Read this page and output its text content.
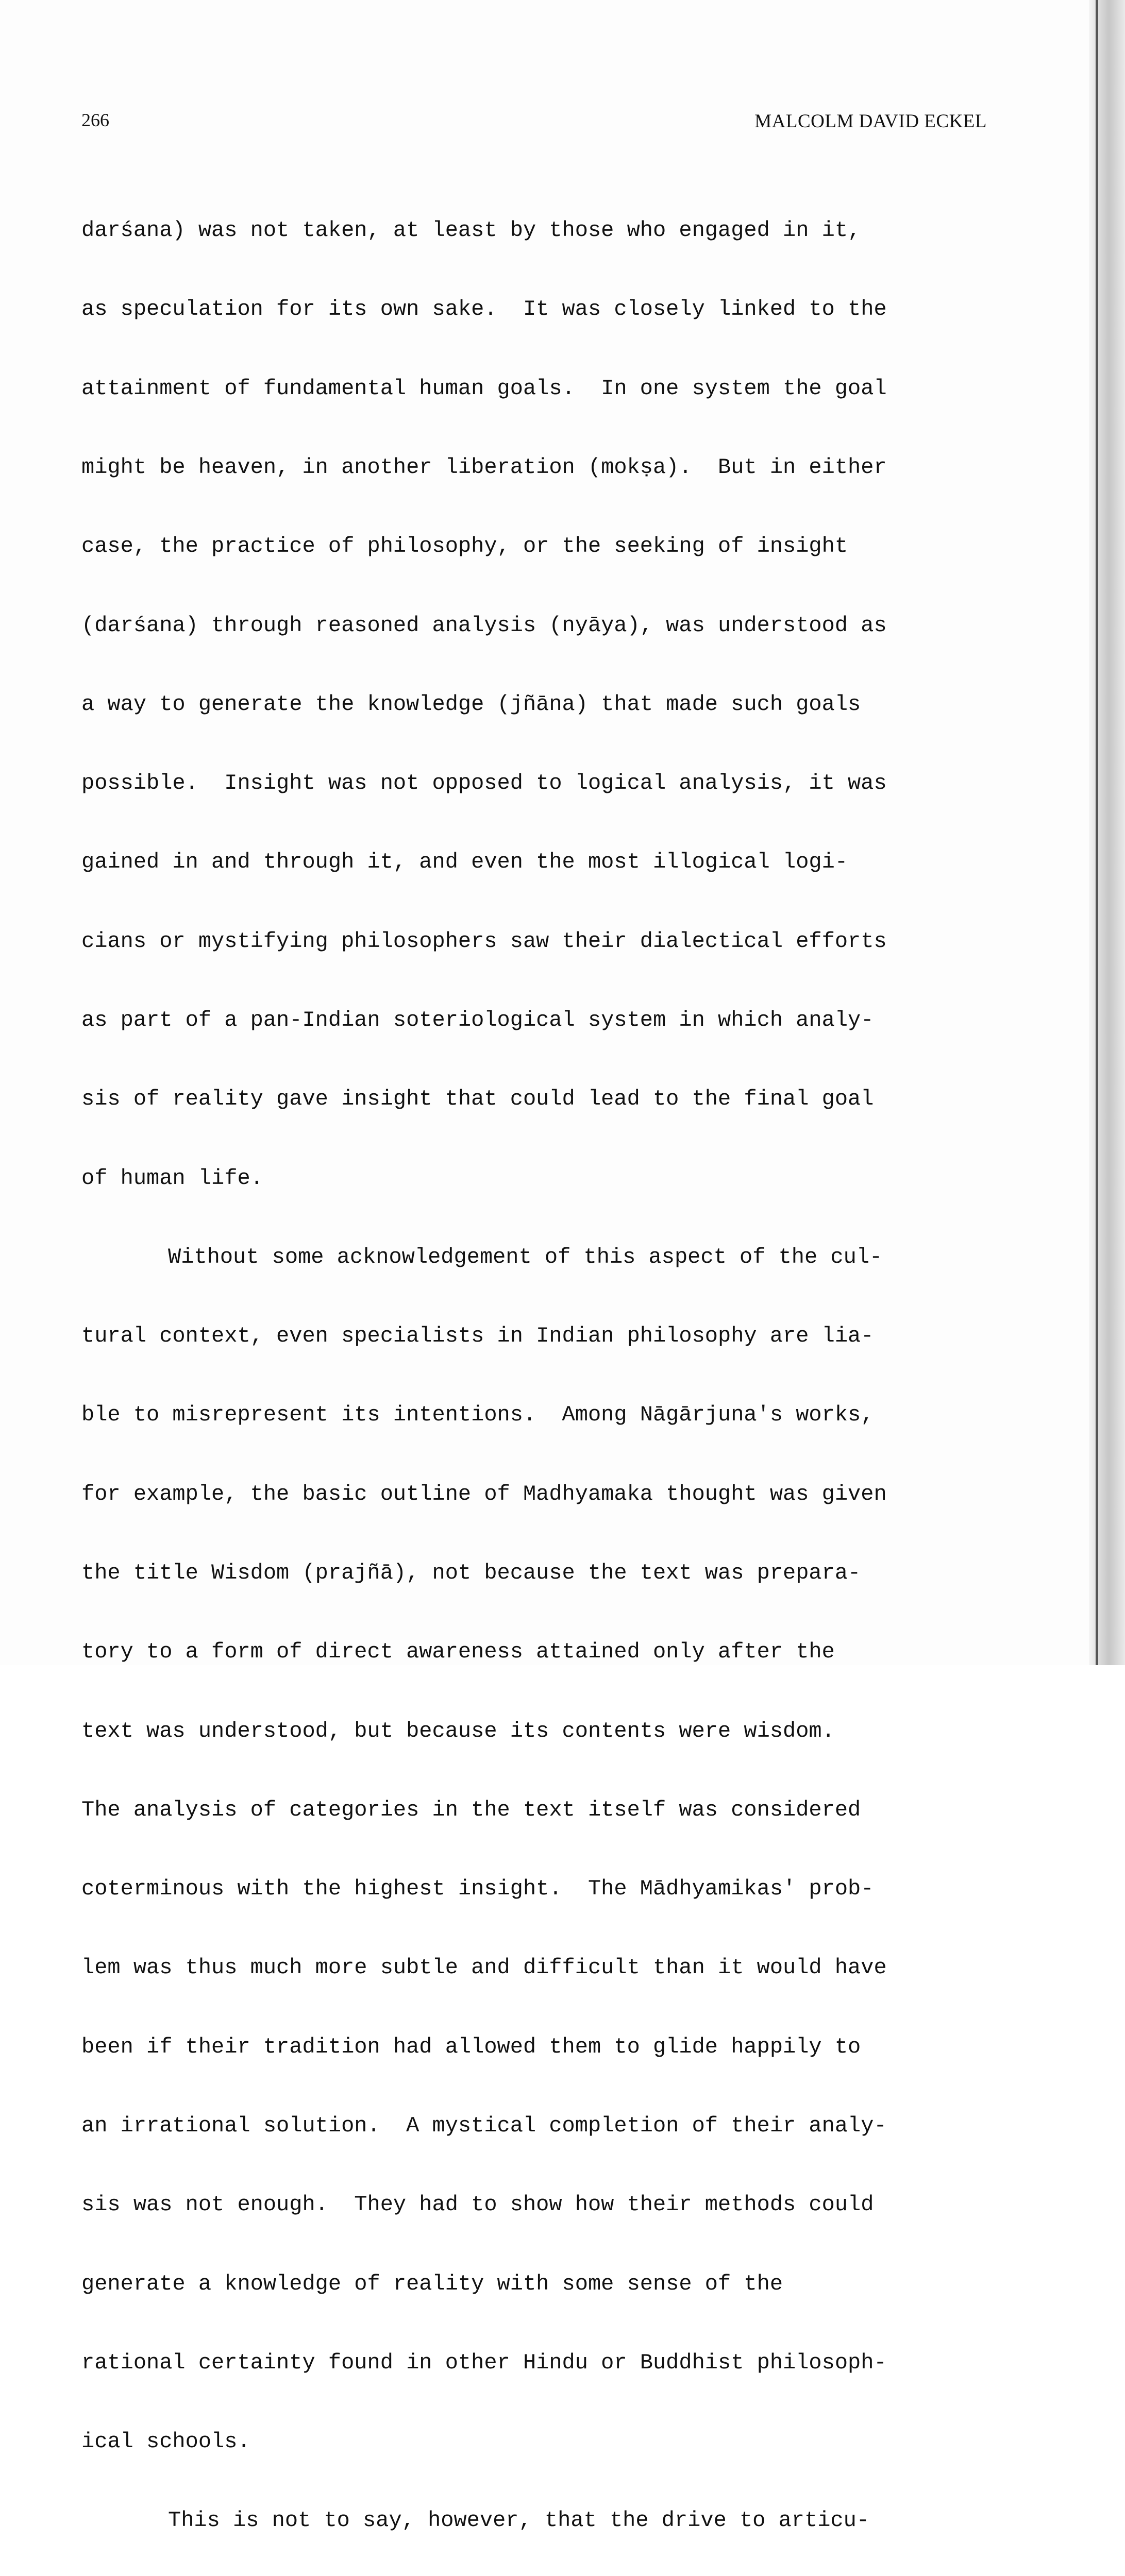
266	MALCOLM DAVID ECKEL

darśana) was not taken, at least by those who engaged in it,

as speculation for its own sake.  It was closely linked to the

attainment of fundamental human goals.  In one system the goal

might be heaven, in another liberation (mokṣa).  But in either

case, the practice of philosophy, or the seeking of insight

(darśana) through reasoned analysis (nyāya), was understood as

a way to generate the knowledge (jñāna) that made such goals

possible.  Insight was not opposed to logical analysis, it was

gained in and through it, and even the most illogical logi-

cians or mystifying philosophers saw their dialectical efforts

as part of a pan-Indian soteriological system in which analy-

sis of reality gave insight that could lead to the final goal

of human life.

Without some acknowledgement of this aspect of the cul-

tural context, even specialists in Indian philosophy are lia-

ble to misrepresent its intentions.  Among Nāgārjuna's works,

for example, the basic outline of Madhyamaka thought was given

the title Wisdom (prajñā), not because the text was prepara-

tory to a form of direct awareness attained only after the

text was understood, but because its contents were wisdom.

The analysis of categories in the text itself was considered

coterminous with the highest insight.  The Mādhyamikas' prob-

lem was thus much more subtle and difficult than it would have

been if their tradition had allowed them to glide happily to

an irrational solution.  A mystical completion of their analy-

sis was not enough.  They had to show how their methods could

generate a knowledge of reality with some sense of the

rational certainty found in other Hindu or Buddhist philosoph-

ical schools.

This is not to say, however, that the drive to articu-
